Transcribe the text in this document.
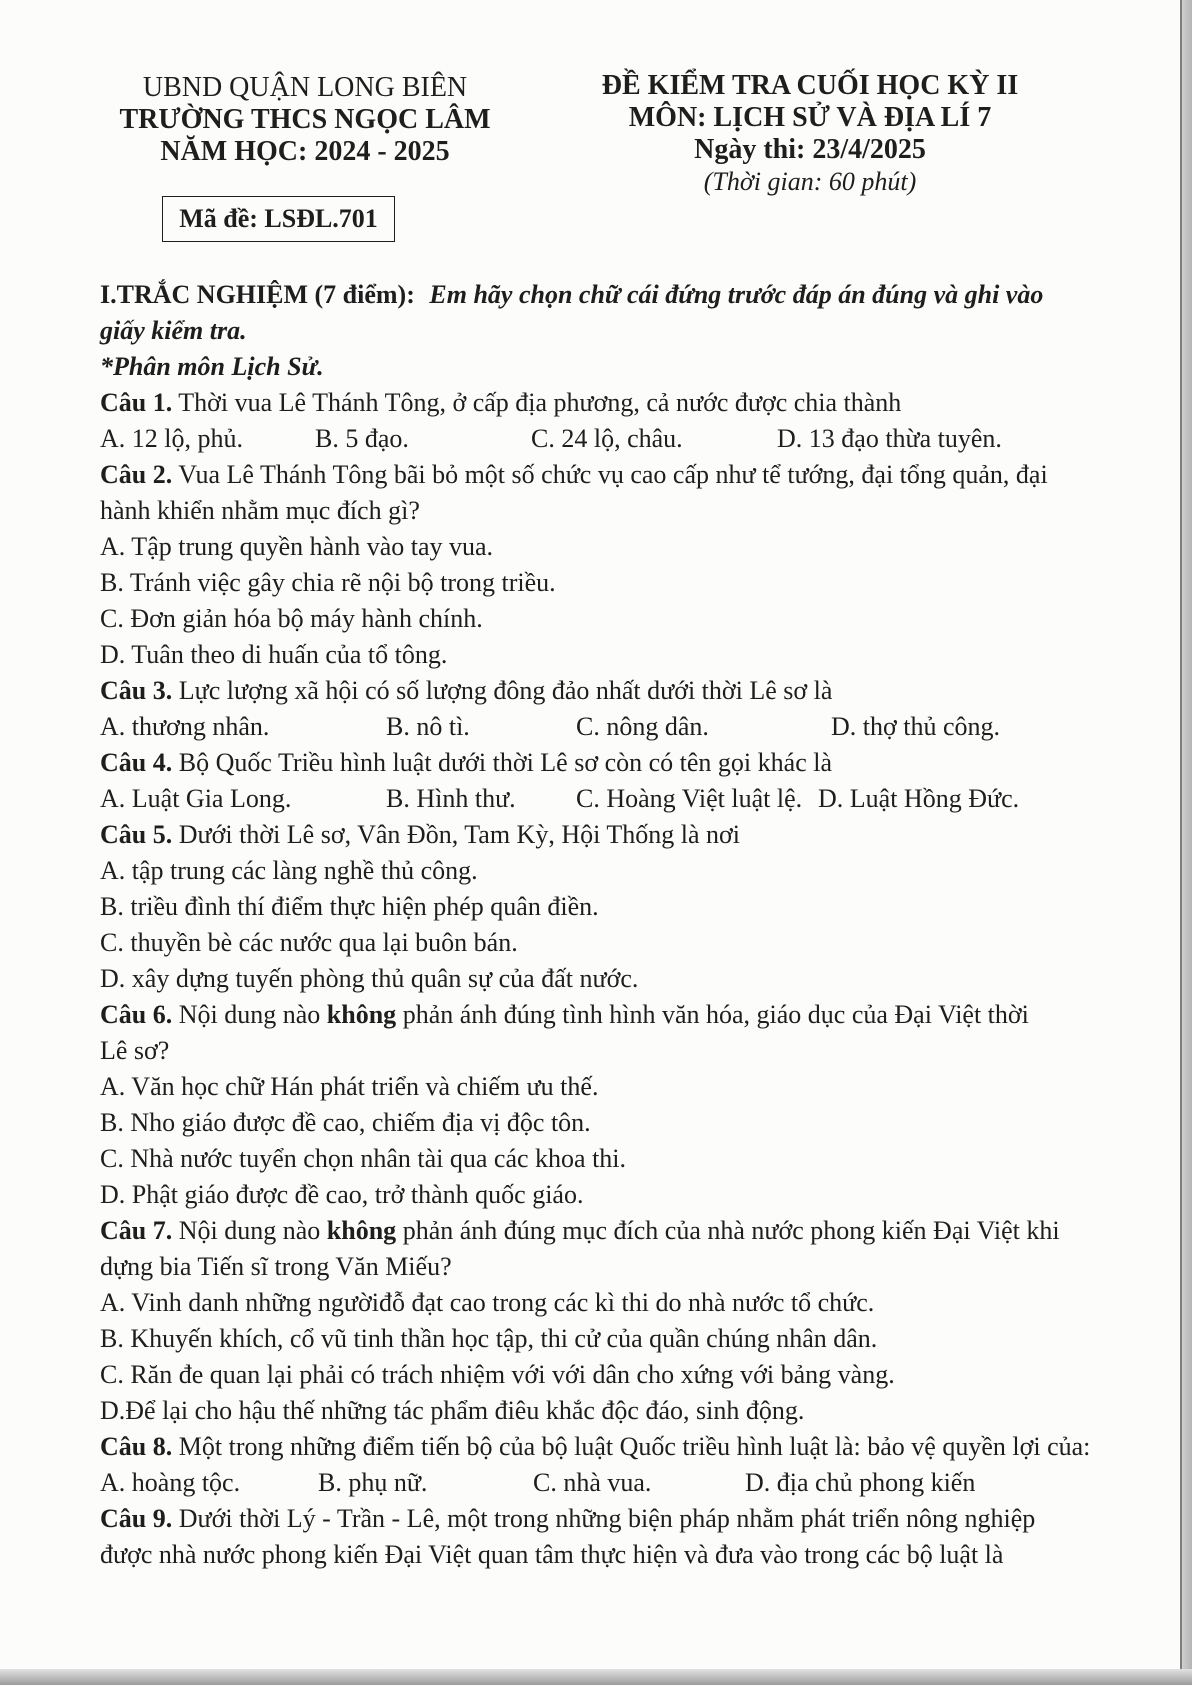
UBND QUẬN LONG BIÊN
TRƯỜNG THCS NGỌC LÂM
NĂM HỌC: 2024 - 2025
Mã đề: LSĐL.701
ĐỀ KIỂM TRA CUỐI HỌC KỲ II
MÔN: LỊCH SỬ VÀ ĐỊA LÍ 7
Ngày thi: 23/4/2025
(Thời gian: 60 phút)
I.TRẮC NGHIỆM (7 điểm): Em hãy chọn chữ cái đứng trước đáp án đúng và ghi vào
giấy kiểm tra.
*Phân môn Lịch Sử.
Câu 1. Thời vua Lê Thánh Tông, ở cấp địa phương, cả nước được chia thành
A. 12 lộ, phủ.	B. 5 đạo.	C. 24 lộ, châu.	D. 13 đạo thừa tuyên.
Câu 2. Vua Lê Thánh Tông bãi bỏ một số chức vụ cao cấp như tể tướng, đại tổng quản, đại
hành khiển nhằm mục đích gì?
A. Tập trung quyền hành vào tay vua.
B. Tránh việc gây chia rẽ nội bộ trong triều.
C. Đơn giản hóa bộ máy hành chính.
D. Tuân theo di huấn của tổ tông.
Câu 3. Lực lượng xã hội có số lượng đông đảo nhất dưới thời Lê sơ là
A. thương nhân.	B. nô tì.	C. nông dân.	D. thợ thủ công.
Câu 4. Bộ Quốc Triều hình luật dưới thời Lê sơ còn có tên gọi khác là
A. Luật Gia Long.	B. Hình thư. C. Hoàng Việt luật lệ. D. Luật Hồng Đức.
Câu 5. Dưới thời Lê sơ, Vân Đồn, Tam Kỳ, Hội Thống là nơi
A. tập trung các làng nghề thủ công.
B. triều đình thí điểm thực hiện phép quân điền.
C. thuyền bè các nước qua lại buôn bán.
D. xây dựng tuyến phòng thủ quân sự của đất nước.
Câu 6. Nội dung nào không phản ánh đúng tình hình văn hóa, giáo dục của Đại Việt thời
Lê sơ?
A. Văn học chữ Hán phát triển và chiếm ưu thế.
B. Nho giáo được đề cao, chiếm địa vị độc tôn.
C. Nhà nước tuyển chọn nhân tài qua các khoa thi.
D. Phật giáo được đề cao, trở thành quốc giáo.
Câu 7. Nội dung nào không phản ánh đúng mục đích của nhà nước phong kiến Đại Việt khi
dựng bia Tiến sĩ trong Văn Miếu?
A. Vinh danh những ngườiđỗ đạt cao trong các kì thi do nhà nước tổ chức.
B. Khuyến khích, cổ vũ tinh thần học tập, thi cử của quần chúng nhân dân.
C. Răn đe quan lại phải có trách nhiệm với với dân cho xứng với bảng vàng.
D.Để lại cho hậu thế những tác phẩm điêu khắc độc đáo, sinh động.
Câu 8. Một trong những điểm tiến bộ của bộ luật Quốc triều hình luật là: bảo vệ quyền lợi của:
A. hoàng tộc.	B. phụ nữ.	C. nhà vua.	D. địa chủ phong kiến
Câu 9. Dưới thời Lý - Trần - Lê, một trong những biện pháp nhằm phát triển nông nghiệp
được nhà nước phong kiến Đại Việt quan tâm thực hiện và đưa vào trong các bộ luật là
